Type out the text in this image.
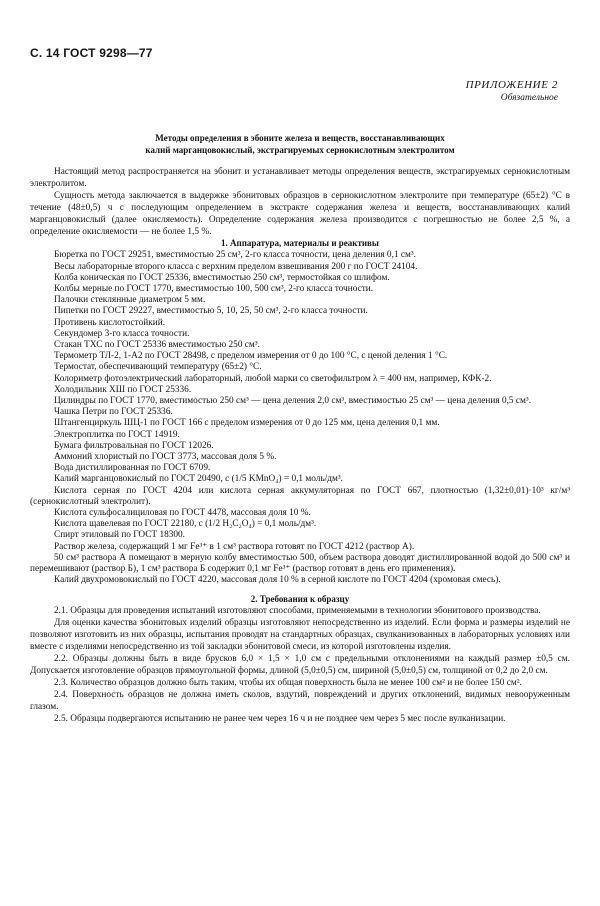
С. 14 ГОСТ 9298—77
ПРИЛОЖЕНИЕ 2
Обязательное
Методы определения в эбоните железа и веществ, восстанавливающих
калий марганцовокислый, экстрагируемых сернокислотным электролитом

Настоящий метод распространяется на эбонит и устанавливает методы определения веществ, экстрагируемых сернокислотным электролитом.

Сущность метода заключается в выдержке эбонитовых образцов в сернокислотном электролите при температуре (65±2) °С в течение (48±0,5) ч с последующим определением в экстракте содержания железа и веществ, восстанавливающих калий марганцовокислый (далее окисляемость). Определение содержания железа производится с погрешностью не более 2,5 %, а определение окисляемости — не более 1,5 %.

1. Аппаратура, материалы и реактивы

Бюретка по ГОСТ 29251, вместимостью 25 см³, 2-го класса точности, цена деления 0,1 см³.

Весы лабораторные второго класса с верхним пределом взвешивания 200 г по ГОСТ 24104.

Колба коническая по ГОСТ 25336, вместимостью 250 см³, термостойкая со шлифом.

Колбы мерные по ГОСТ 1770, вместимостью 100, 500 см³, 2-го класса точности.

Палочки стеклянные диаметром 5 мм.

Пипетки по ГОСТ 29227, вместимостью 5, 10, 25, 50 см³, 2-го класса точности.

Противень кислотостойкий.

Секундомер 3-го класса точности.

Стакан ТХС по ГОСТ 25336 вместимостью 250 см³.

Термометр ТЛ-2, 1-А2 по ГОСТ 28498, с пределом измерения от 0 до 100 °С, с ценой деления 1 °С.

Термостат, обеспечивающий температуру (65±2) °С.

Колориметр фотоэлектрический лабораторный, любой марки со светофильтром λ = 400 нм, например, КФК-2.

Холодильник ХШ по ГОСТ 25336.

Цилиндры по ГОСТ 1770, вместимостью 250 см³ — цена деления 2,0 см³, вместимостью 25 см³ — цена деления 0,5 см³.

Чашка Петри по ГОСТ 25336.

Штангенциркуль ШЦ-1 по ГОСТ 166 с пределом измерения от 0 до 125 мм, цена деления 0,1 мм.

Электроплитка по ГОСТ 14919.

Бумага фильтровальная по ГОСТ 12026.

Аммоний хлористый по ГОСТ 3773, массовая доля 5 %.

Вода дистиллированная по ГОСТ 6709.

Калий марганцовокислый по ГОСТ 20490, с (1/5 KMnO₄) = 0,1 моль/дм³.

Кислота серная по ГОСТ 4204 или кислота серная аккумуляторная по ГОСТ 667, плотностью (1,32±0,01)·10³ кг/м³ (сернокислотный электролит).

Кислота сульфосалициловая по ГОСТ 4478, массовая доля 10 %.

Кислота щавелевая по ГОСТ 22180, с (1/2 H₂C₂O₄) = 0,1 моль/дм³.

Спирт этиловый по ГОСТ 18300.

Раствор железа, содержащий 1 мг Fe³⁺ в 1 см³ раствора готовят по ГОСТ 4212 (раствор А).

50 см³ раствора А помещают в мерную колбу вместимостью 500, объем раствора доводят дистиллированной водой до 500 см³ и перемешивают (раствор Б), 1 см³ раствора Б содержит 0,1 мг Fe³⁺ (раствор готовят в день его применения).

Калий двухромовокислый по ГОСТ 4220, массовая доля 10 % в серной кислоте по ГОСТ 4204 (хромовая смесь).

2. Требования к образцу

2.1. Образцы для проведения испытаний изготовляют способами, применяемыми в технологии эбонитового производства.

Для оценки качества эбонитовых изделий образцы изготовляют непосредственно из изделий. Если форма и размеры изделий не позволяют изготовить из них образцы, испытания проводят на стандартных образцах, свулканизованных в лабораторных условиях или вместе с изделиями непосредственно из той закладки эбонитовой смеси, из которой изготовлены изделия.

2.2. Образцы должны быть в виде брусков 6,0 × 1,5 × 1,0 см с предельными отклонениями на каждый размер ±0,5 см. Допускается изготовление образцов прямоугольной формы, длиной (5,0±0,5) см, шириной (5,0±0,5) см, толщиной от 0,2 до 2,0 см.

2.3. Количество образцов должно быть таким, чтобы их общая поверхность была не менее 100 см² и не более 150 см².

2.4. Поверхность образцов не должна иметь сколов, вздутий, повреждений и других отклонений, видимых невооруженным глазом.

2.5. Образцы подвергаются испытанию не ранее чем через 16 ч и не позднее чем через 5 мес после вулканизации.
